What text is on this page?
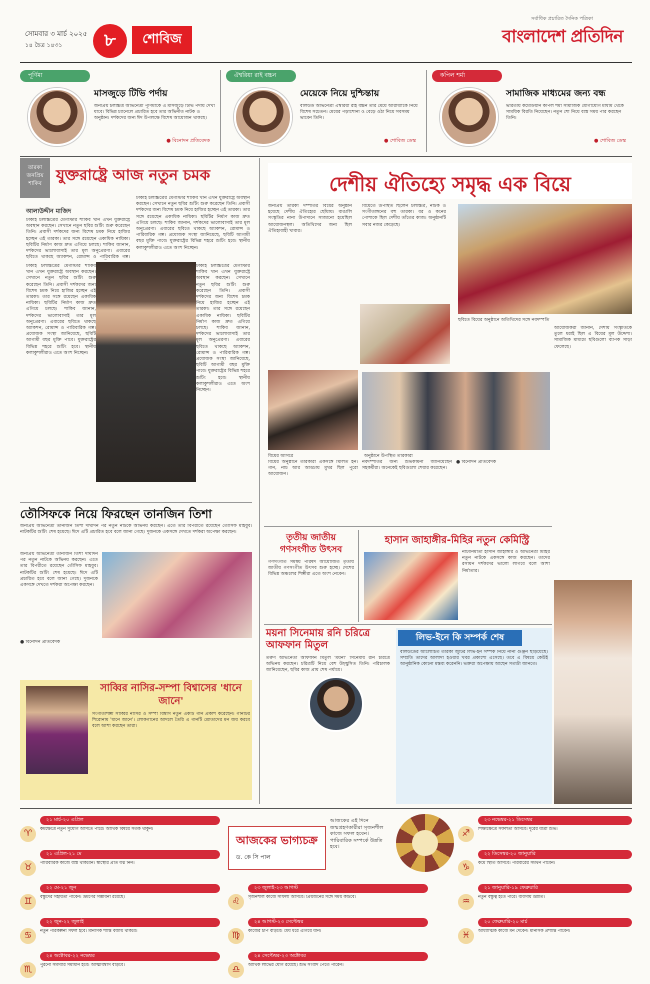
সোমবার ৩ মার্চ ২০২৫
১৪ চৈত্র ১৪৩১	৮	শোবিজ
সর্বাধিক প্রচারিত দৈনিক পত্রিকা
বাংলাদেশ প্রতিদিন
পূর্ণিমা
মাসজুড়ে টিভি পর্দায়
জনপ্রিয় চলচ্চিত্র অভিনেত্রী পূর্ণিমাকে এ মাসজুড়ে টিভি পর্দায় দেখা যাবে। বিভিন্ন চ্যানেলে প্রচারিত হবে তার অভিনীত নাটক ও অনুষ্ঠান। দর্শকদের জন্য ঈদ উপলক্ষে বিশেষ আয়োজন থাকছে।
● বিনোদন প্রতিবেদক
ঐশ্বরিয়া রাই বচ্চন
মেয়েকে নিয়ে দুশ্চিন্তায়
বলিউড অভিনেত্রী ঐশ্বরিয়া রাই বচ্চন তার মেয়ে আরাধ্যাকে নিয়ে বিশেষ সচেতন। মেয়ের পড়াশোনা ও বেড়ে ওঠা নিয়ে সবসময় ভাবেন তিনি।
● শোবিজ ডেস্ক
কপিল শর্মা
সামাজিক মাধ্যমের জন্য বন্ধ
ভারতীয় কমেডিয়ান কপিল শর্মা সামাজিক যোগাযোগ মাধ্যম থেকে সাময়িক বিরতি নিয়েছেন। নতুন শো নিয়ে ব্যস্ত সময় পার করছেন তিনি।
● শোবিজ ডেস্ক
তারকা জনপ্রিয় শাকিব যুক্তরাষ্ট্রে আজ নতুন চমক
আলাউদ্দীন মাজিদ
ঢাকাই চলচ্চিত্রের মেগাস্টার শাকিব খান এখন যুক্তরাষ্ট্রে অবস্থান করছেন। সেখানে নতুন ছবির শুটিং শুরু করেছেন তিনি। প্রবাসী দর্শকদের জন্য বিশেষ চমক নিয়ে হাজির হচ্ছেন এই তারকা। তার সঙ্গে রয়েছেন একাধিক নায়িকা। ছবিটির নির্মাণ কাজ দ্রুত এগিয়ে চলছে। শাকিব জানান, দর্শকদের ভালোবাসাই তার মূল অনুপ্রেরণা। এবারের ছবিতে থাকছে অ্যাকশন, রোমান্স ও পারিবারিক গল্প।
ঢাকাই চলচ্চিত্রের মেগাস্টার শাকিব খান এখন যুক্তরাষ্ট্রে অবস্থান করছেন। সেখানে নতুন ছবির শুটিং শুরু করেছেন তিনি। প্রবাসী দর্শকদের জন্য বিশেষ চমক নিয়ে হাজির হচ্ছেন এই তারকা। তার সঙ্গে রয়েছেন একাধিক নায়িকা। ছবিটির নির্মাণ কাজ দ্রুত এগিয়ে চলছে। শাকিব জানান, দর্শকদের ভালোবাসাই তার মূল অনুপ্রেরণা। এবারের ছবিতে থাকছে অ্যাকশন, রোমান্স ও পারিবারিক গল্প। প্রযোজক সংস্থা জানিয়েছে, ছবিটি আগামী বছর মুক্তি পাবে। যুক্তরাষ্ট্রের বিভিন্ন শহরে শুটিং হবে। স্থানীয় কলাকুশলীরাও এতে অংশ নিচ্ছেন।
ঢাকাই চলচ্চিত্রের মেগাস্টার শাকিব খান এখন যুক্তরাষ্ট্রে অবস্থান করছেন। সেখানে নতুন ছবির শুটিং শুরু করেছেন তিনি। প্রবাসী দর্শকদের জন্য বিশেষ চমক নিয়ে হাজির হচ্ছেন এই তারকা। তার সঙ্গে রয়েছেন একাধিক নায়িকা। ছবিটির নির্মাণ কাজ দ্রুত এগিয়ে চলছে। শাকিব জানান, দর্শকদের ভালোবাসাই তার মূল অনুপ্রেরণা। এবারের ছবিতে থাকছে অ্যাকশন, রোমান্স ও পারিবারিক গল্প। প্রযোজক সংস্থা জানিয়েছে, ছবিটি আগামী বছর মুক্তি পাবে। যুক্তরাষ্ট্রের বিভিন্ন শহরে শুটিং হবে। স্থানীয় কলাকুশলীরাও এতে অংশ নিচ্ছেন।
ঢাকাই চলচ্চিত্রের মেগাস্টার শাকিব খান এখন যুক্তরাষ্ট্রে অবস্থান করছেন। সেখানে নতুন ছবির শুটিং শুরু করেছেন তিনি। প্রবাসী দর্শকদের জন্য বিশেষ চমক নিয়ে হাজির হচ্ছেন এই তারকা। তার সঙ্গে রয়েছেন একাধিক নায়িকা। ছবিটির নির্মাণ কাজ দ্রুত এগিয়ে চলছে। শাকিব জানান, দর্শকদের ভালোবাসাই তার মূল অনুপ্রেরণা। এবারের ছবিতে থাকছে অ্যাকশন, রোমান্স ও পারিবারিক গল্প। প্রযোজক সংস্থা জানিয়েছে, ছবিটি আগামী বছর মুক্তি পাবে। যুক্তরাষ্ট্রের বিভিন্ন শহরে শুটিং হবে। স্থানীয় কলাকুশলীরাও এতে অংশ নিচ্ছেন।
তৌসিফকে নিয়ে ফিরছেন তানজিন তিশা
জনপ্রিয় অভিনেত্রী তানজিন তিশা দীর্ঘদিন পর নতুন নাটকে অভিনয় করছেন। এতে তার বিপরীতে রয়েছেন তৌসিফ মাহবুব। নাটকটির শুটিং শেষ হয়েছে। ঈদে এটি প্রচারিত হবে বলে জানা গেছে। দুজনকে একসঙ্গে দেখতে দর্শকরা অপেক্ষা করছেন।
জনপ্রিয় অভিনেত্রী তানজিন তিশা দীর্ঘদিন পর নতুন নাটকে অভিনয় করছেন। এতে তার বিপরীতে রয়েছেন তৌসিফ মাহবুব। নাটকটির শুটিং শেষ হয়েছে। ঈদে এটি প্রচারিত হবে বলে জানা গেছে। দুজনকে একসঙ্গে দেখতে দর্শকরা অপেক্ষা করছেন।
● বিনোদন প্রতিবেদক
সাব্বির নাসির-সম্পা বিশ্বাসের 'ধানে জানে'
সংগীতশিল্পী সাব্বির নাসির ও সম্পা বিশ্বাস নতুন একটি গান প্রকাশ করেছেন। গানটির শিরোনাম 'ধানে জানে'। লোকগানের আদলে তৈরি এ গানটি শ্রোতাদের মন জয় করবে বলে আশা করছেন তারা।
দেশীয় ঐতিহ্যে সমৃদ্ধ এক বিয়ে
জনপ্রিয় তারকা দম্পতির বিয়ের অনুষ্ঠান হয়েছে দেশীয় ঐতিহ্যের ছোঁয়ায়। বাঙালি সংস্কৃতির নানা উপাদানে সাজানো হয়েছিল আয়োজনস্থল। অতিথিদের জন্য ছিল ঐতিহ্যবাহী খাবার।
বিয়েতে উপস্থিত ছিলেন চলচ্চিত্র, নাটক ও সংগীতাঙ্গনের বহু তারকা। বর ও কনের পোশাকে ছিল দেশীয় তাঁতের কাজ। অনুষ্ঠানটি সবার নজর কেড়েছে।
ছবিতে বিয়ের অনুষ্ঠানে অতিথিদের সঙ্গে নবদম্পতি
আয়োজকরা জানান, দেশীয় সংস্কৃতিকে তুলে ধরাই ছিল এ বিয়ের মূল উদ্দেশ্য। সামাজিক মাধ্যমে ছবিগুলো ব্যাপক সাড়া ফেলেছে।
বিয়ের আসরে	অনুষ্ঠানে উপস্থিত তারকারা
বিয়ের অনুষ্ঠানে তারকারা একসঙ্গে মিলিত হন। গান, নাচ আর আড্ডায় মুখর ছিল পুরো আয়োজন।
নবদম্পতির জন্য শুভকামনা জানিয়েছেন সহকর্মীরা। অনেকেই ছবিগুলো শেয়ার করেছেন।
● বিনোদন প্রতিবেদক
তৃতীয় জাতীয় গণসংগীত উৎসব
গণসংগীত সমন্বয় পরিষদ আয়োজিত তৃতীয় জাতীয় গণসংগীত উৎসব শুরু হচ্ছে। দেশের বিভিন্ন অঞ্চলের শিল্পীরা এতে অংশ নেবেন।
হাসান জাহাঙ্গীর-মিহির নতুন কেমিস্ট্রি
নাট্যনির্মাতা হাসান জাহাঙ্গীর ও অভিনেত্রী মিহির নতুন নাটকে একসঙ্গে কাজ করছেন। তাদের রসায়ন দর্শকদের ভালো লাগবে বলে আশা নির্মাতার।
ময়না সিনেমায় রনি চরিত্রে আফফান মিতুল
তরুণ অভিনেতা আফফান মিতুল 'ময়না' সিনেমায় রনি চরিত্রে অভিনয় করছেন। চরিত্রটি নিয়ে বেশ উচ্ছ্বসিত তিনি। পরিচালক জানিয়েছেন, ছবির কাজ প্রায় শেষ পর্যায়ে।
লিভ-ইনে কি সম্পর্ক শেষ
বলিউডের আলোচিত তারকা জুটির লিভ-ইন সম্পর্ক নিয়ে নানা গুঞ্জন ছড়িয়েছে। সম্প্রতি তাদের আলাদা হওয়ার খবর প্রকাশ্যে এসেছে। তবে এ বিষয়ে কেউই আনুষ্ঠানিক কোনো মন্তব্য করেননি। ভক্তরা অপেক্ষায় আছেন সত্যটা জানতে।
আজকের ভাগ্যচক্র
ড. কে সি পাল
আজকের এই দিনে জন্মগ্রহণকারীরা সৃজনশীল কাজে সফল হবেন। পারিবারিক সম্পর্কে উন্নতি হবে।
♈
২১ মার্চ-২০ এপ্রিল
কর্মক্ষেত্রে নতুন সুযোগ আসতে পারে। আর্থিক বিষয়ে সতর্ক থাকুন।
♉
২১ এপ্রিল-২১ মে
পারিবারিক কাজে ব্যস্ত থাকবেন। স্বাস্থ্যের প্রতি যত্ন নিন।
♊
২২ মে-২১ জুন
বন্ধুদের সহায়তা পাবেন। ভ্রমণের সম্ভাবনা রয়েছে।
♋
২২ জুন-২২ জুলাই
নতুন পরিকল্পনা সফল হবে। মানসিক শান্তি বজায় থাকবে।
♌
২৩ জুলাই-২৩ আগস্ট
সৃজনশীল কাজে সাফল্য আসবে। প্রিয়জনের সঙ্গে সময় কাটবে।
♍
২৪ আগস্ট-২৩ সেপ্টেম্বর
কাজের চাপ বাড়বে। ধৈর্য ধরে এগিয়ে যান।
♎
২৪ সেপ্টেম্বর-২৩ অক্টোবর
আর্থিক লাভের যোগ রয়েছে। শুভ সংবাদ পেতে পারেন।
♏
২৪ অক্টোবর-২২ নভেম্বর
পুরনো সমস্যার সমাধান হবে। আত্মবিশ্বাস বাড়বে।
♐
২৩ নভেম্বর-২১ ডিসেম্বর
শিক্ষাক্ষেত্রে সফলতা আসবে। দূরের যাত্রা শুভ।
♑
২২ ডিসেম্বর-২০ জানুয়ারি
কর্মে স্থিতি আসবে। পরিবারের সমর্থন পাবেন।
♒
২১ জানুয়ারি-১৯ ফেব্রুয়ারি
নতুন বন্ধুত্ব হতে পারে। ব্যবসায় উন্নতি।
♓
২০ ফেব্রুয়ারি-২০ মার্চ
আধ্যাত্মিক কাজে মন দেবেন। মানসিক প্রশান্তি পাবেন।
